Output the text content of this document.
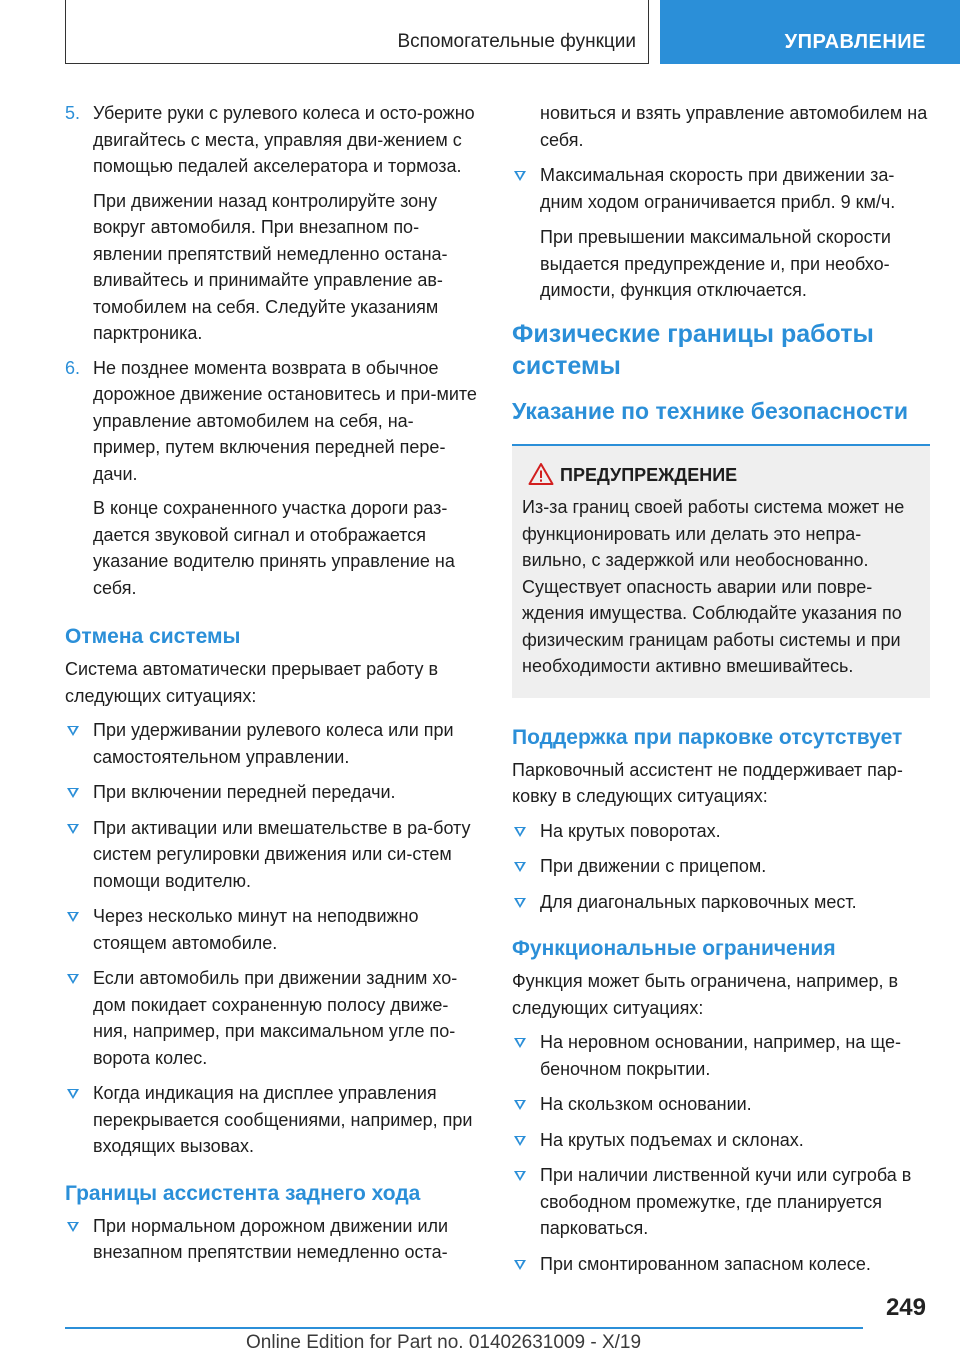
Вспомогательные функции	УПРАВЛЕНИЕ
5. Уберите руки с рулевого колеса и осто-рожно двигайтесь с места, управляя дви-жением с помощью педалей акселератора и тормоза.

При движении назад контролируйте зону вокруг автомобиля. При внезапном по-явлении препятствий немедленно остана-вливайтесь и принимайте управление ав-томобилем на себя. Следуйте указаниям парктроника.

6. Не позднее момента возврата в обычное дорожное движение остановитесь и при-мите управление автомобилем на себя, на-пример, путем включения передней пере-дачи.

В конце сохраненного участка дороги раз-дается звуковой сигнал и отображается указание водителю принять управление на себя.

Отмена системы
Система автоматически прерывает работу в следующих ситуациях:
При удерживании рулевого колеса или при самостоятельном управлении.
При включении передней передачи.
При активации или вмешательстве в ра-боту систем регулировки движения или си-стем помощи водителю.
Через несколько минут на неподвижно стоящем автомобиле.
Если автомобиль при движении задним хо-дом покидает сохраненную полосу движе-ния, например, при максимальном угле по-ворота колес.
Когда индикация на дисплее управления перекрывается сообщениями, например, при входящих вызовах.
Границы ассистента заднего хода
При нормальном дорожном движении или внезапном препятствии немедленно оста-
новиться и взять управление автомобилем на себя.
Максимальная скорость при движении за-дним ходом ограничивается прибл. 9 км/ч.
При превышении максимальной скорости выдается предупреждение и, при необхо-димости, функция отключается.
Физические границы работы системы
Указание по технике безопасности
ПРЕДУПРЕЖДЕНИЕ
Из-за границ своей работы система может не функционировать или делать это непра-вильно, с задержкой или необоснованно. Существует опасность аварии или повре-ждения имущества. Соблюдайте указания по физическим границам работы системы и при необходимости активно вмешивайтесь.
Поддержка при парковке отсутствует
Парковочный ассистент не поддерживает пар-ковку в следующих ситуациях:
На крутых поворотах.
При движении с прицепом.
Для диагональных парковочных мест.
Функциональные ограничения
Функция может быть ограничена, например, в следующих ситуациях:
На неровном основании, например, на ще-беночном покрытии.
На скользком основании.
На крутых подъемах и склонах.
При наличии лиственной кучи или сугроба в свободном промежутке, где планируется парковаться.
При смонтированном запасном колесе.
249
Online Edition for Part no. 01402631009 - X/19
